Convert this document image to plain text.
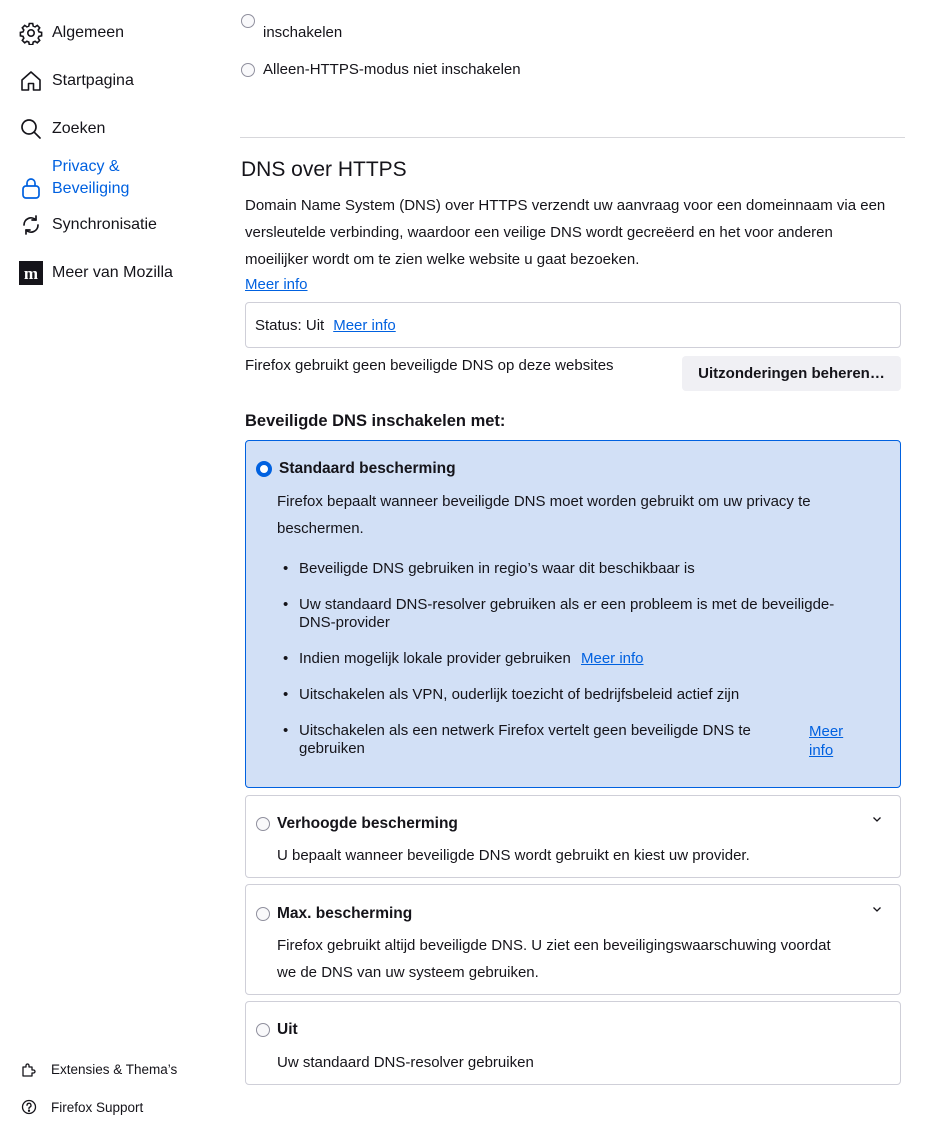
Algemeen
Startpagina
Zoeken
Privacy &
Beveiliging
Synchronisatie
m Meer van Mozilla
Extensies & Thema’s
Firefox Support
inschakelen
Alleen-HTTPS-modus niet inschakelen
DNS over HTTPS

Domain Name System (DNS) over HTTPS verzendt uw aanvraag voor een domeinnaam via een versleutelde verbinding, waardoor een veilige DNS wordt gecreëerd en het voor anderen moeilijker wordt om te zien welke website u gaat bezoeken.

Meer info
Status: Uit Meer info
Firefox gebruikt geen beveiligde DNS op deze websites	Uitzonderingen beheren…
Beveiligde DNS inschakelen met:
Standaard bescherming
Firefox bepaalt wanneer beveiligde DNS moet worden gebruikt om uw privacy te beschermen.
• Beveiligde DNS gebruiken in regio’s waar dit beschikbaar is
• Uw standaard DNS-resolver gebruiken als er een probleem is met de beveiligde-DNS-provider
• Indien mogelijk lokale provider gebruiken Meer info
• Uitschakelen als VPN, ouderlijk toezicht of bedrijfsbeleid actief zijn
• Uitschakelen als een netwerk Firefox vertelt geen beveiligde DNS te gebruiken
Meer
info
Verhoogde bescherming
U bepaalt wanneer beveiligde DNS wordt gebruikt en kiest uw provider.
Max. bescherming
Firefox gebruikt altijd beveiligde DNS. U ziet een beveiligingswaarschuwing voordat we de DNS van uw systeem gebruiken.
Uit
Uw standaard DNS-resolver gebruiken
